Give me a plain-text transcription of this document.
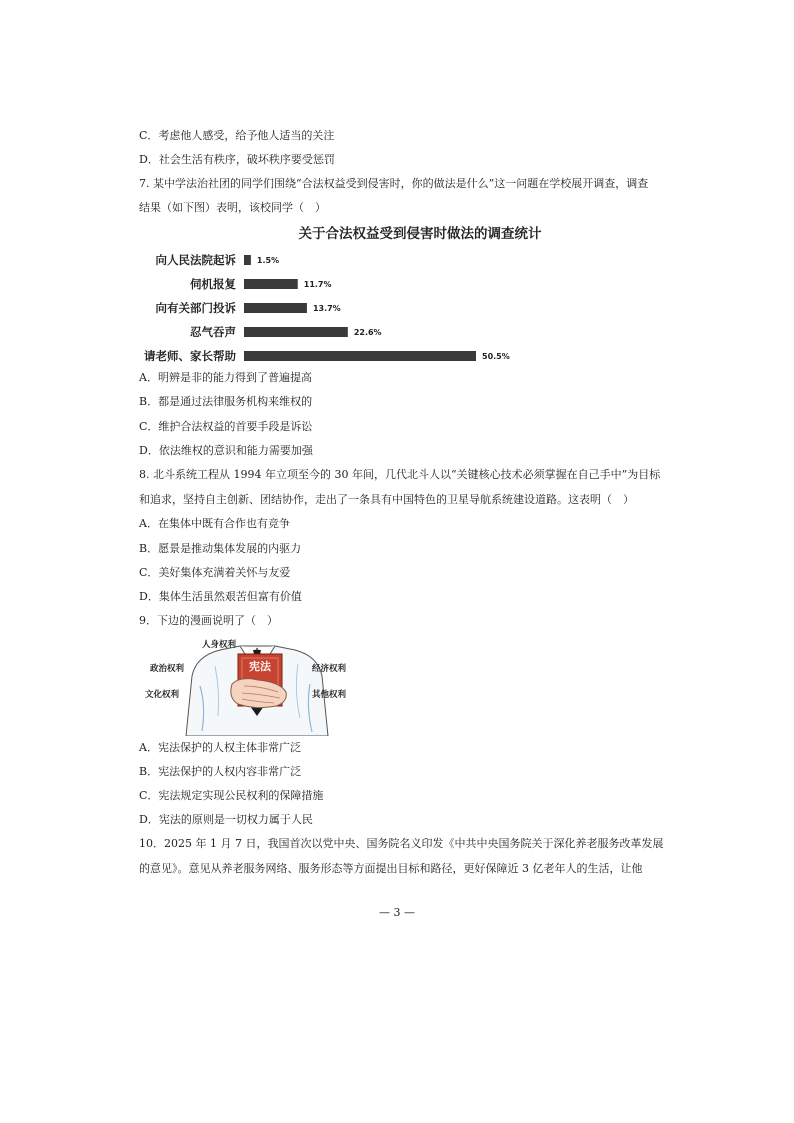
C．考虑他人感受，给予他人适当的关注
D．社会生活有秩序，破坏秩序要受惩罚
7. 某中学法治社团的同学们围绕“合法权益受到侵害时，你的做法是什么”这一问题在学校展开调查，调查
结果（如下图）表明，该校同学（　）
关于合法权益受到侵害时做法的调查统计
向人民法院起诉	1.5%
伺机报复	11.7%
向有关部门投诉	13.7%
忍气吞声	22.6%
请老师、家长帮助	50.5%
A．明辨是非的能力得到了普遍提高
B．都是通过法律服务机构来维权的
C．维护合法权益的首要手段是诉讼
D．依法维权的意识和能力需要加强
8. 北斗系统工程从 1994 年立项至今的 30 年间，几代北斗人以“关键核心技术必须掌握在自己手中”为目标
和追求，坚持自主创新、团结协作，走出了一条具有中国特色的卫星导航系统建设道路。这表明（　）
A．在集体中既有合作也有竞争
B．愿景是推动集体发展的内驱力
C．美好集体充满着关怀与友爱
D．集体生活虽然艰苦但富有价值
9．下边的漫画说明了（　）
宪法
人身权利
政治权利
文化权利
经济权利
其他权利
A．宪法保护的人权主体非常广泛
B．宪法保护的人权内容非常广泛
C．宪法规定实现公民权利的保障措施
D．宪法的原则是一切权力属于人民
10．2025 年 1 月 7 日，我国首次以党中央、国务院名义印发《中共中央国务院关于深化养老服务改革发展
的意见》。意见从养老服务网络、服务形态等方面提出目标和路径，更好保障近 3 亿老年人的生活，让他
— 3 —
